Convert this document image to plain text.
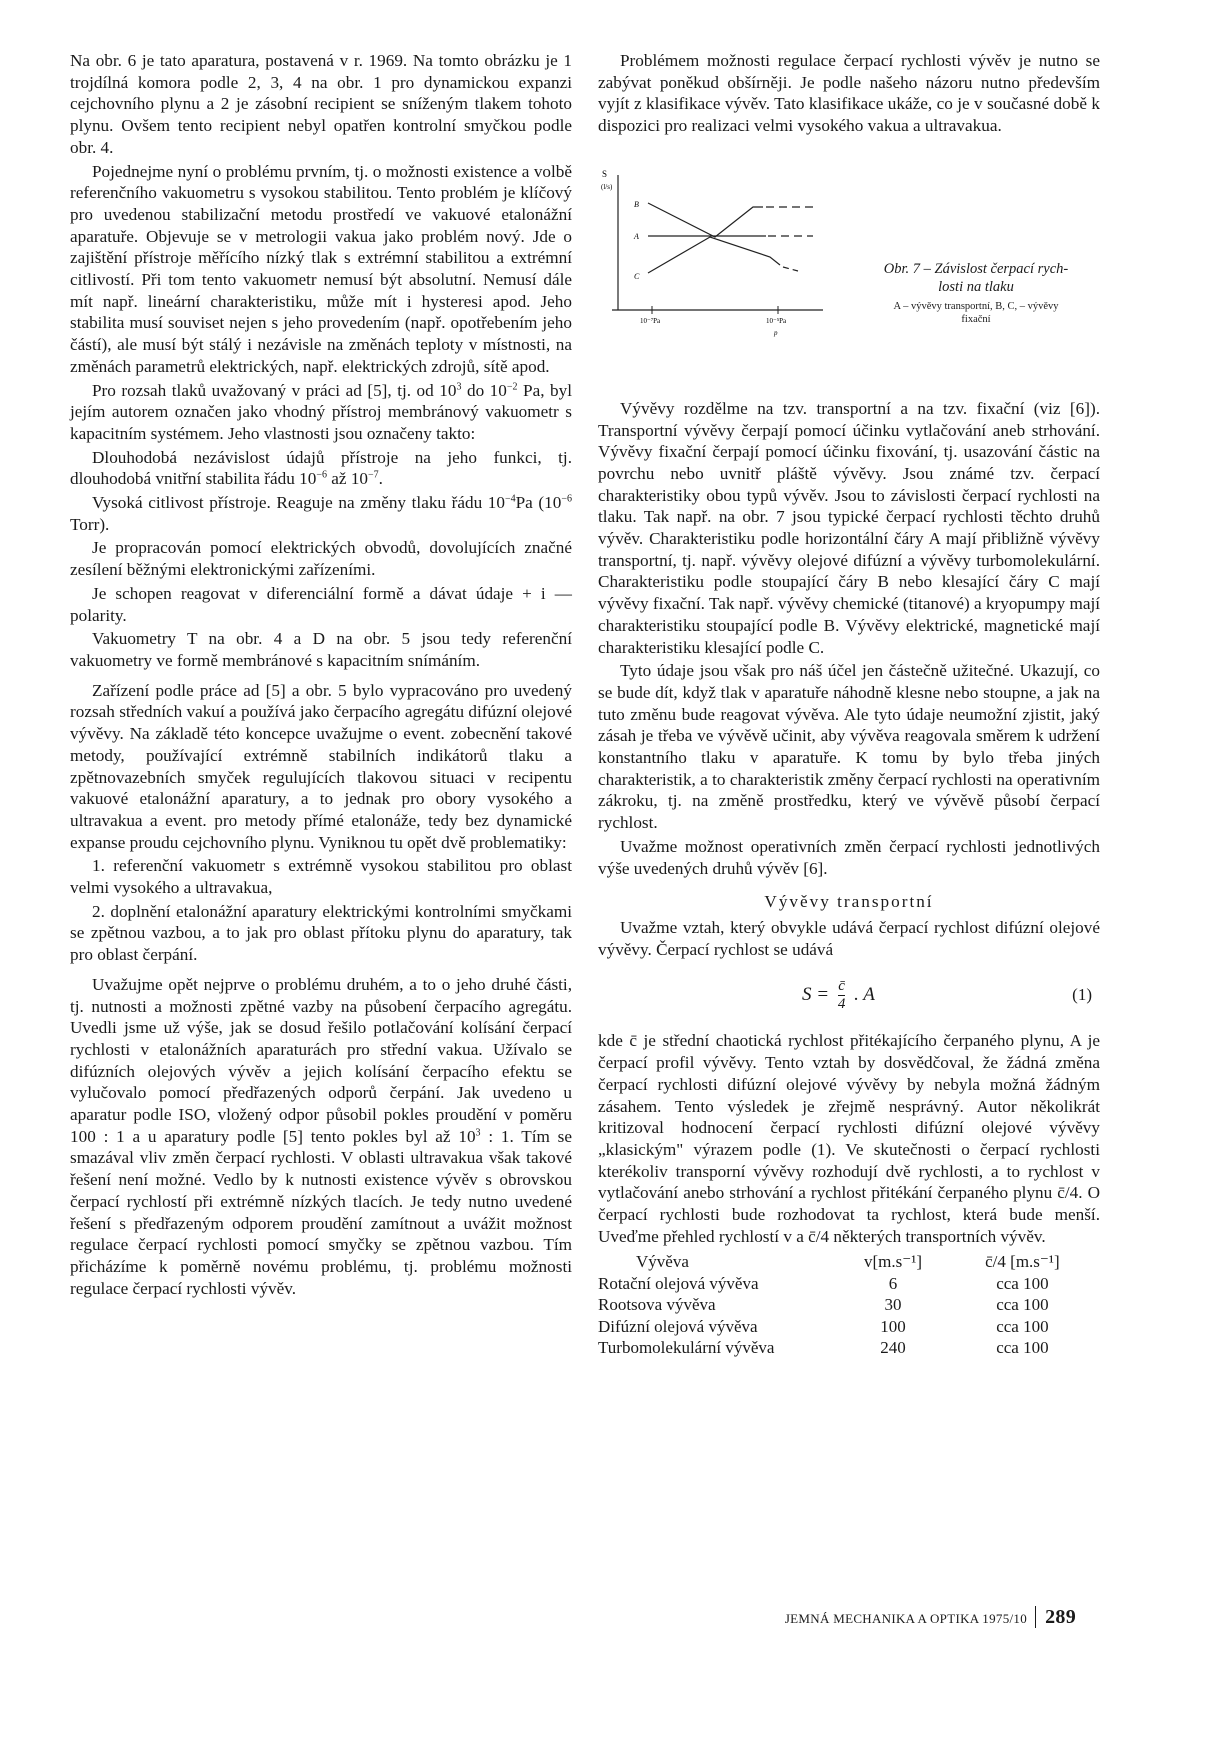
Na obr. 6 je tato aparatura, postavená v r. 1969. Na tomto obrázku je 1 trojdílná komora podle 2, 3, 4 na obr. 1 pro dynamickou expanzi cejchovního plynu a 2 je zásobní recipient se sníženým tlakem tohoto plynu. Ovšem tento recipient nebyl opatřen kontrolní smyčkou podle obr. 4.

Pojednejme nyní o problému prvním, tj. o možnosti existence a volbě referenčního vakuometru s vysokou stabilitou. Tento problém je klíčový pro uvedenou stabilizační metodu prostředí ve vakuové etalonážní aparatuře. Objevuje se v metrologii vakua jako problém nový. Jde o zajištění přístroje měřícího nízký tlak s extrémní stabilitou a extrémní citlivostí. Při tom tento vakuometr nemusí být absolutní. Nemusí dále mít např. lineární charakteristiku, může mít i hysteresi apod. Jeho stabilita musí souviset nejen s jeho provedením (např. opotřebením jeho částí), ale musí být stálý i nezávisle na změnách teploty v místnosti, na změnách parametrů elektrických, např. elektrických zdrojů, sítě apod.

Pro rozsah tlaků uvažovaný v práci ad [5], tj. od $10^3$ do $10^{-2}$ Pa, byl jejím autorem označen jako vhodný přístroj membránový vakuometr s kapacitním systémem. Jeho vlastnosti jsou označeny takto:

Dlouhodobá nezávislost údajů přístroje na jeho funkci, tj. dlouhodobá vnitřní stabilita řádu $10^{-6}$ až $10^{-7}$.

Vysoká citlivost přístroje. Reaguje na změny tlaku řádu $10^{-4}Pa$ ($10^{-6}$ Torr).

Je propracován pomocí elektrických obvodů, dovolujících značné zesílení běžnými elektronickými zařízeními.

Je schopen reagovat v diferenciální formě a dávat údaje + i — polarity.

Vakuometry T na obr. 4 a D na obr. 5 jsou tedy referenční vakuometry ve formě membránové s kapacitním snímáním.

Zařízení podle práce ad [5] a obr. 5 bylo vypracováno pro uvedený rozsah středních vakuí a používá jako čerpacího agregátu difúzní olejové vývěvy. Na základě této koncepce uvažujme o event. zobecnění takové metody, používající extrémně stabilních indikátorů tlaku a zpětnovazebních smyček regulujících tlakovou situaci v recipentu vakuové etalonážní aparatury, a to jednak pro obory vysokého a ultravakua a event. pro metody přímé etalonáže, tedy bez dynamické expanse proudu cejchovního plynu. Vyniknou tu opět dvě problematiky:

1. referenční vakuometr s extrémně vysokou stabilitou pro oblast velmi vysokého a ultravakua,

2. doplnění etalonážní aparatury elektrickými kontrolními smyčkami se zpětnou vazbou, a to jak pro oblast přítoku plynu do aparatury, tak pro oblast čerpání.

Uvažujme opět nejprve o problému druhém, a to o jeho druhé části, tj. nutnosti a možnosti zpětné vazby na působení čerpacího agregátu. Uvedli jsme už výše, jak se dosud řešilo potlačování kolísání čerpací rychlosti v etalonážních aparaturách pro střední vakua. Užívalo se difúzních olejových vývěv a jejich kolísání čerpacího efektu se vylučovalo pomocí předřazených odporů čerpání. Jak uvedeno u aparatur podle ISO, vložený odpor působil pokles proudění v poměru 100 : 1 a u aparatury podle [5] tento pokles byl až $10^3$ : 1. Tím se smazával vliv změn čerpací rychlosti. V oblasti ultravakua však takové řešení není možné. Vedlo by k nutnosti existence vývěv s obrovskou čerpací rychlostí při extrémně nízkých tlacích. Je tedy nutno uvedené řešení s předřazeným odporem proudění zamítnout a uvážit možnost regulace čerpací rychlosti pomocí smyčky se zpětnou vazbou. Tím přicházíme k poměrně novému problému, tj. problému možnosti regulace čerpací rychlosti vývěv.

Problémem možnosti regulace čerpací rychlosti vývěv je nutno se zabývat poněkud obšírněji. Je podle našeho názoru nutno především vyjít z klasifikace vývěv. Tato klasifikace ukáže, co je v současné době k dispozici pro realizaci velmi vysokého vakua a ultravakua.

S
(l/s)
B
A
C
10⁻⁷Pa	10⁻⁵Pa
p
Obr. 7 – Závislost čerpací rych-
losti na tlaku
A – vývěvy transportní, B, C, – vývěvy
fixační

Vývěvy rozdělme na tzv. transportní a na tzv. fixační (viz [6]). Transportní vývěvy čerpají pomocí účinku vytlačování aneb strhování. Vývěvy fixační čerpají pomocí účinku fixování, tj. usazování částic na povrchu nebo uvnitř pláště vývěvy. Jsou známé tzv. čerpací charakteristiky obou typů vývěv. Jsou to závislosti čerpací rychlosti na tlaku. Tak např. na obr. 7 jsou typické čerpací rychlosti těchto druhů vývěv. Charakteristiku podle horizontální čáry A mají přibližně vývěvy transportní, tj. např. vývěvy olejové difúzní a vývěvy turbomolekulární. Charakteristiku podle stoupající čáry B nebo klesající čáry C mají vývěvy fixační. Tak např. vývěvy chemické (titanové) a kryopumpy mají charakteristiku stoupající podle B. Vývěvy elektrické, magnetické mají charakteristiku klesající podle C.

Tyto údaje jsou však pro náš účel jen částečně užitečné. Ukazují, co se bude dít, když tlak v aparatuře náhodně klesne nebo stoupne, a jak na tuto změnu bude reagovat vývěva. Ale tyto údaje neumožní zjistit, jaký zásah je třeba ve vývěvě učinit, aby vývěva reagovala směrem k udržení konstantního tlaku v aparatuře. K tomu by bylo třeba jiných charakteristik, a to charakteristik změny čerpací rychlosti na operativním zákroku, tj. na změně prostředku, který ve vývěvě působí čerpací rychlost.

Uvažme možnost operativních změn čerpací rychlosti jednotlivých výše uvedených druhů vývěv [6].

Vývěvy transportní

Uvažme vztah, který obvykle udává čerpací rychlost difúzní olejové vývěvy. Čerpací rychlost se udává

$S = \frac{c̄}{4}$ . A	(1)

kde c̄ je střední chaotická rychlost přitékajícího čerpaného plynu, A je čerpací profil vývěvy. Tento vztah by dosvědčoval, že žádná změna čerpací rychlosti difúzní olejové vývěvy by nebyla možná žádným zásahem. Tento výsledek je zřejmě nesprávný. Autor několikrát kritizoval hodnocení čerpací rychlosti difúzní olejové vývěvy „klasickým" výrazem podle (1). Ve skutečnosti o čerpací rychlosti kterékoliv transporní vývěvy rozhodují dvě rychlosti, a to rychlost v vytlačování anebo strhování a rychlost přitékání čerpaného plynu c̄/4. O čerpací rychlosti bude rozhodovat ta rychlost, která bude menší. Uveďme přehled rychlostí v a c̄/4 některých transportních vývěv.

Vývěva	v[m.s⁻¹]	c̄/4 [m.s⁻¹]
Rotační olejová vývěva	6	cca 100
Rootsova vývěva	30	cca 100
Difúzní olejová vývěva	100	cca 100
Turbomolekulární vývěva	240	cca 100
JEMNÁ MECHANIKA A OPTIKA 1975/10 289
